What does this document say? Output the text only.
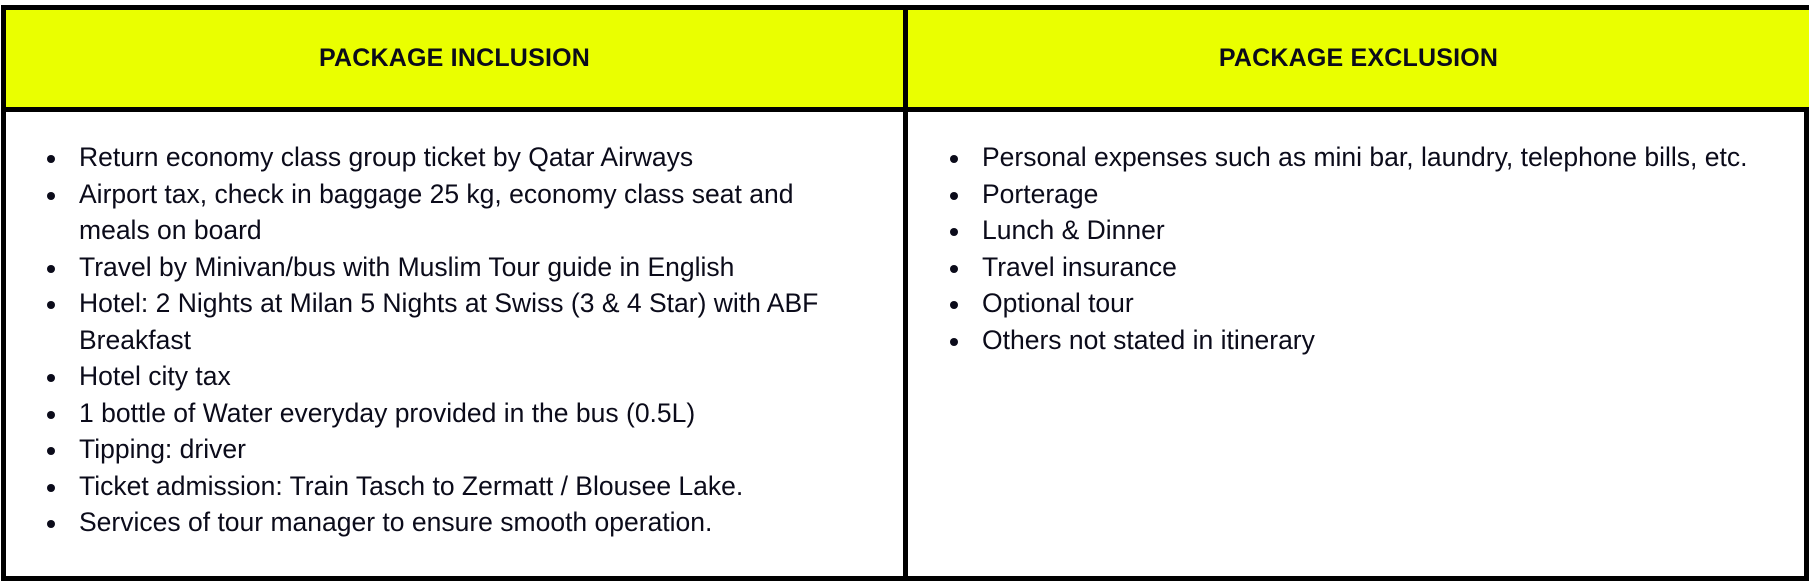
PACKAGE INCLUSION	PACKAGE EXCLUSION
Return economy class group ticket by Qatar Airways
Airport tax, check in baggage 25 kg, economy class seat and meals on board
Travel by Minivan/bus with Muslim Tour guide in English
Hotel: 2 Nights at Milan 5 Nights at Swiss (3 & 4 Star) with ABF Breakfast
Hotel city tax
1 bottle of Water everyday provided in the bus (0.5L)
Tipping: driver
Ticket admission: Train Tasch to Zermatt / Blousee Lake.
Services of tour manager to ensure smooth operation.
Personal expenses such as mini bar, laundry, telephone bills, etc.
Porterage
Lunch & Dinner
Travel insurance
Optional tour
Others not stated in itinerary
